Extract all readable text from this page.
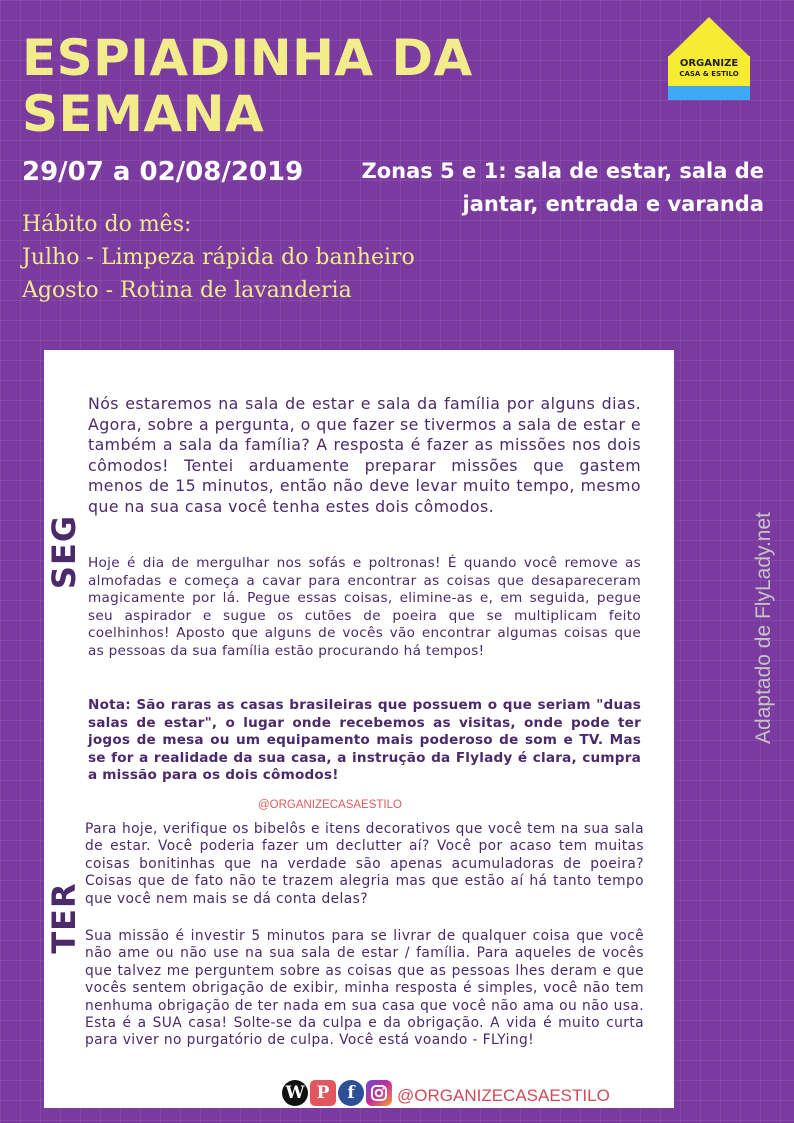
ESPIADINHA DA
SEMANA
29/07 a 02/08/2019	Zonas 5 e 1: sala de estar, sala de
jantar, entrada e varanda
Hábito do mês:
Julho - Limpeza rápida do banheiro
Agosto - Rotina de lavanderia
ORGANIZE
CASA & ESTILO
Adaptado de FlyLady.net
SEG

Nós estaremos na sala de estar e sala da família por alguns dias. Agora, sobre a pergunta, o que fazer se tivermos a sala de estar e também a sala da família? A resposta é fazer as missões nos dois cômodos! Tentei arduamente preparar missões que gastem menos de 15 minutos, então não deve levar muito tempo, mesmo que na sua casa você tenha estes dois cômodos.

Hoje é dia de mergulhar nos sofás e poltronas! É quando você remove as almofadas e começa a cavar para encontrar as coisas que desapareceram magicamente por lá. Pegue essas coisas, elimine-as e, em seguida, pegue seu aspirador e sugue os cutões de poeira que se multiplicam feito coelhinhos! Aposto que alguns de vocês vão encontrar algumas coisas que as pessoas da sua família estão procurando há tempos!

Nota: São raras as casas brasileiras que possuem o que seriam "duas salas de estar", o lugar onde recebemos as visitas, onde pode ter jogos de mesa ou um equipamento mais poderoso de som e TV. Mas se for a realidade da sua casa, a instrução da Flylady é clara, cumpra a missão para os dois cômodos!

@ORGANIZECASAESTILO
TER

Para hoje, verifique os bibelôs e itens decorativos que você tem na sua sala de estar. Você poderia fazer um declutter aí? Você por acaso tem muitas coisas bonitinhas que na verdade são apenas acumuladoras de poeira? Coisas que de fato não te trazem alegria mas que estão aí há tanto tempo que você nem mais se dá conta delas?

Sua missão é investir 5 minutos para se livrar de qualquer coisa que você não ame ou não use na sua sala de estar / família. Para aqueles de vocês que talvez me perguntem sobre as coisas que as pessoas lhes deram e que vocês sentem obrigação de exibir, minha resposta é simples, você não tem nenhuma obrigação de ter nada em sua casa que você não ama ou não usa. Esta é a SUA casa! Solte-se da culpa e da obrigação. A vida é muito curta para viver no purgatório de culpa. Você está voando - FLYing!

W P	f	@ORGANIZECASAESTILO
